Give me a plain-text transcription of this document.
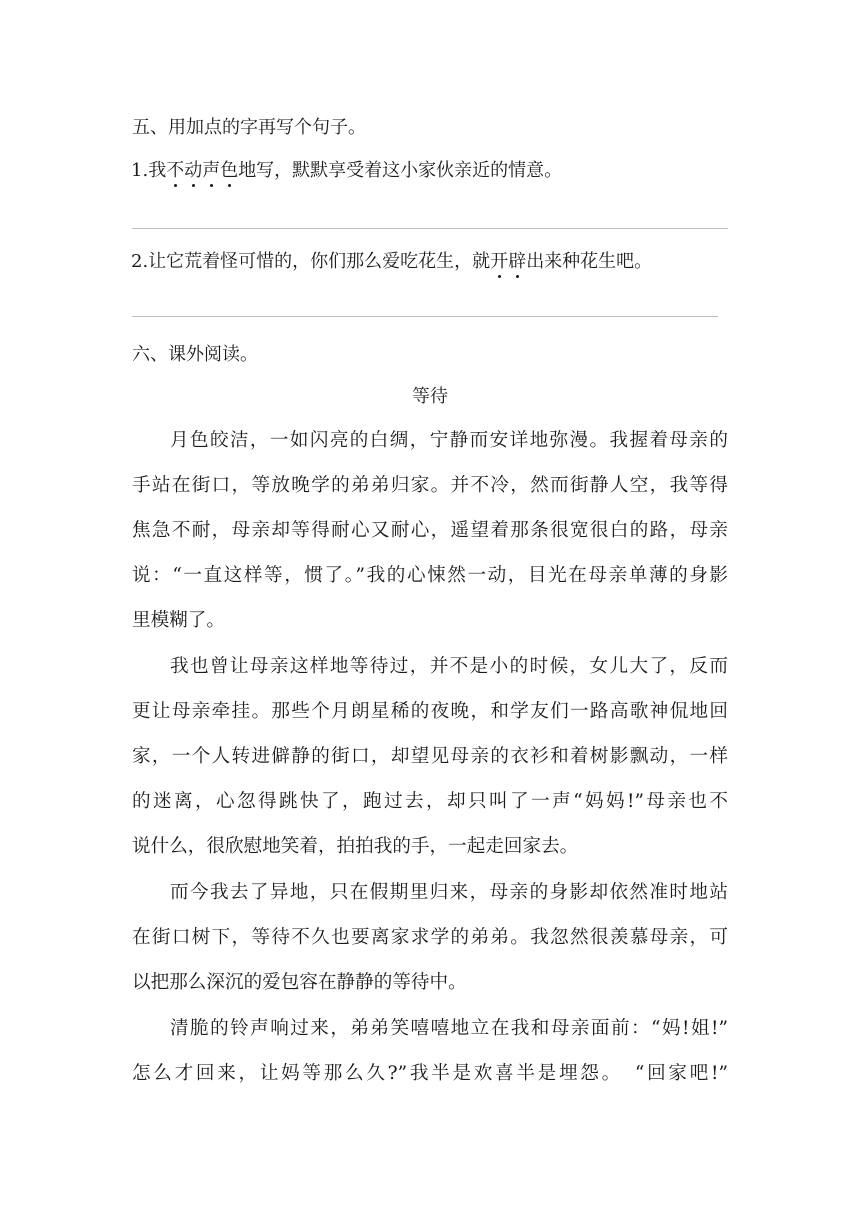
五、用加点的字再写个句子。
1.我不动声色地写，默默享受着这小家伙亲近的情意。
2.让它荒着怪可惜的，你们那么爱吃花生，就开辟出来种花生吧。
六、课外阅读。
等待
月色皎洁，一如闪亮的白绸，宁静而安详地弥漫。我握着母亲的
手站在街口，等放晚学的弟弟归家。并不冷，然而街静人空，我等得
焦急不耐，母亲却等得耐心又耐心，遥望着那条很宽很白的路，母亲
说：“一直这样等，惯了。”我的心悚然一动，目光在母亲单薄的身影
里模糊了。
我也曾让母亲这样地等待过，并不是小的时候，女儿大了，反而
更让母亲牵挂。那些个月朗星稀的夜晚，和学友们一路高歌神侃地回
家，一个人转进僻静的街口，却望见母亲的衣衫和着树影飘动，一样
的迷离，心忽得跳快了，跑过去，却只叫了一声“妈妈!”母亲也不
说什么，很欣慰地笑着，拍拍我的手，一起走回家去。
而今我去了异地，只在假期里归来，母亲的身影却依然准时地站
在街口树下，等待不久也要离家求学的弟弟。我忽然很羡慕母亲，可
以把那么深沉的爱包容在静静的等待中。
清脆的铃声响过来，弟弟笑嘻嘻地立在我和母亲面前：“妈!姐!”
怎么才回来，让妈等那么久?”我半是欢喜半是埋怨。　“回家吧!”
